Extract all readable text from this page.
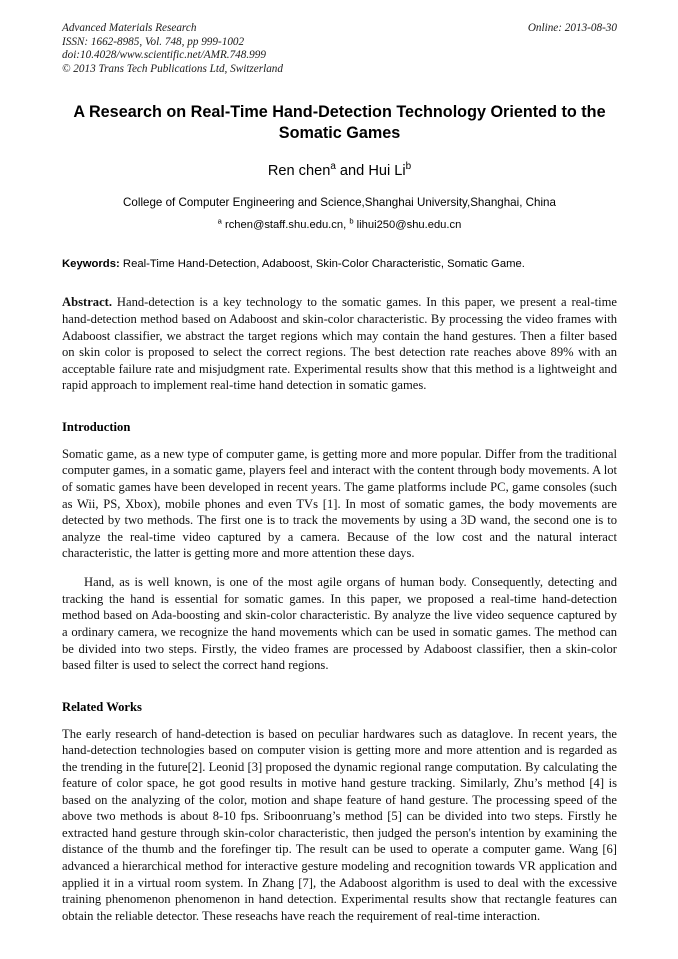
Advanced Materials Research
ISSN: 1662-8985, Vol. 748, pp 999-1002
doi:10.4028/www.scientific.net/AMR.748.999
© 2013 Trans Tech Publications Ltd, Switzerland
Online: 2013-08-30
A Research on Real-Time Hand-Detection Technology Oriented to the Somatic Games
Ren chen$^a$ and Hui Li$^b$
College of Computer Engineering and Science,Shanghai University,Shanghai, China
$^a$ rchen@staff.shu.edu.cn, $^b$ lihui250@shu.edu.cn
Keywords: Real-Time Hand-Detection, Adaboost, Skin-Color Characteristic, Somatic Game.
Abstract. Hand-detection is a key technology to the somatic games. In this paper, we present a real-time hand-detection method based on Adaboost and skin-color characteristic. By processing the video frames with Adaboost classifier, we abstract the target regions which may contain the hand gestures. Then a filter based on skin color is proposed to select the correct regions. The best detection rate reaches above 89% with an acceptable failure rate and misjudgment rate. Experimental results show that this method is a lightweight and rapid approach to implement real-time hand detection in somatic games.
Introduction

Somatic game, as a new type of computer game, is getting more and more popular. Differ from the traditional computer games, in a somatic game, players feel and interact with the content through body movements. A lot of somatic games have been developed in recent years. The game platforms include PC, game consoles (such as Wii, PS, Xbox), mobile phones and even TVs [1]. In most of somatic games, the body movements are detected by two methods. The first one is to track the movements by using a 3D wand, the second one is to analyze the real-time video captured by a camera. Because of the low cost and the natural interact characteristic, the latter is getting more and more attention these days.

Hand, as is well known, is one of the most agile organs of human body. Consequently, detecting and tracking the hand is essential for somatic games. In this paper, we proposed a real-time hand-detection method based on Ada-boosting and skin-color characteristic. By analyze the live video sequence captured by a ordinary camera, we recognize the hand movements which can be used in somatic games. The method can be divided into two steps. Firstly, the video frames are processed by Adaboost classifier, then a skin-color based filter is used to select the correct hand regions.

Related Works

The early research of hand-detection is based on peculiar hardwares such as dataglove. In recent years, the hand-detection technologies based on computer vision is getting more and more attention and is regarded as the trending in the future[2]. Leonid [3] proposed the dynamic regional range computation. By calculating the feature of color space, he got good results in motive hand gesture tracking. Similarly, Zhu’s method [4] is based on the analyzing of the color, motion and shape feature of hand gesture. The processing speed of the above two methods is about 8-10 fps. Sriboonruang’s method [5] can be divided into two steps. Firstly he extracted hand gesture through skin-color characteristic, then judged the person's intention by examining the distance of the thumb and the forefinger tip. The result can be used to operate a computer game. Wang [6] advanced a hierarchical method for interactive gesture modeling and recognition towards VR application and applied it in a virtual room system. In Zhang [7], the Adaboost algorithm is used to deal with the excessive training phenomenon phenomenon in hand detection. Experimental results show that rectangle features can obtain the reliable detector. These reseachs have reach the requirement of real-time interaction.
